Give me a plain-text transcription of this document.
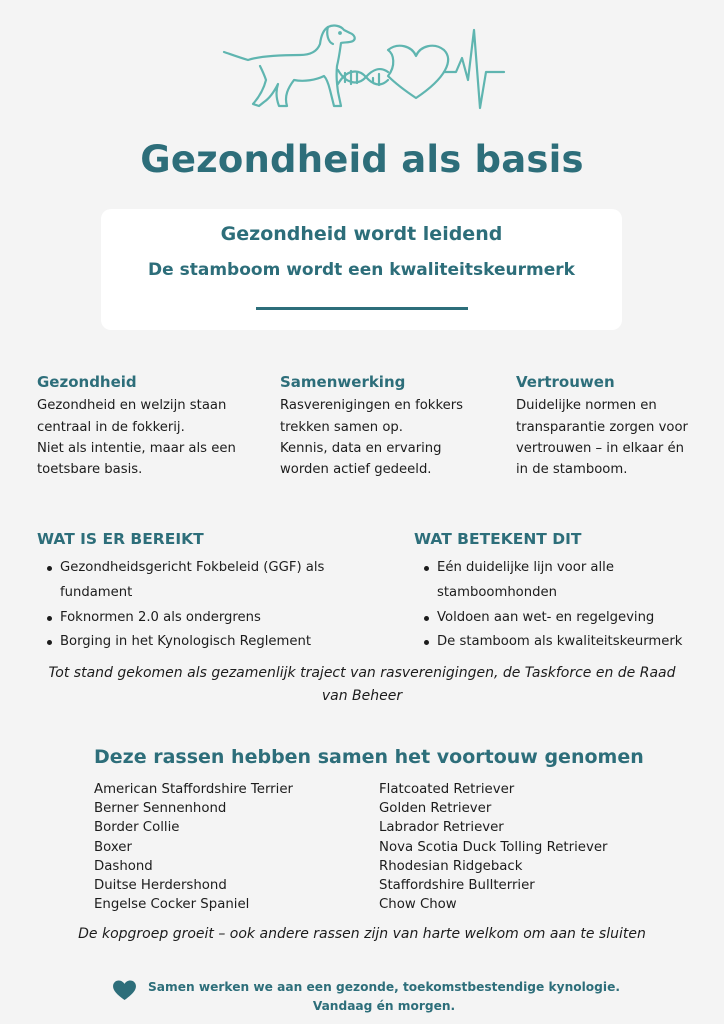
Gezondheid als basis
Gezondheid wordt leidend
De stamboom wordt een kwaliteitskeurmerk
Gezondheid

Gezondheid en welzijn staan

centraal in de fokkerij.

Niet als intentie, maar als een

toetsbare basis.

Samenwerking

Rasverenigingen en fokkers

trekken samen op.

Kennis, data en ervaring

worden actief gedeeld.

Vertrouwen

Duidelijke normen en

transparantie zorgen voor

vertrouwen – in elkaar én

in de stamboom.

WAT IS ER BEREIKT	WAT BETEKENT DIT
Gezondheidsgericht Fokbeleid (GGF) als fundament
Foknormen 2.0 als ondergrens
Borging in het Kynologisch Reglement
Eén duidelijke lijn voor alle stamboomhonden
Voldoen aan wet- en regelgeving
De stamboom als kwaliteitskeurmerk
Tot stand gekomen als gezamenlijk traject van rasverenigingen, de Taskforce en de Raad van Beheer
Deze rassen hebben samen het voortouw genomen
American Staffordshire Terrier
Berner Sennenhond
Border Collie
Boxer
Dashond
Duitse Herdershond
Engelse Cocker Spaniel
Flatcoated Retriever
Golden Retriever
Labrador Retriever
Nova Scotia Duck Tolling Retriever
Rhodesian Ridgeback
Staffordshire Bullterrier
Chow Chow
De kopgroep groeit – ook andere rassen zijn van harte welkom om aan te sluiten
Samen werken we aan een gezonde, toekomstbestendige kynologie.
Vandaag én morgen.
